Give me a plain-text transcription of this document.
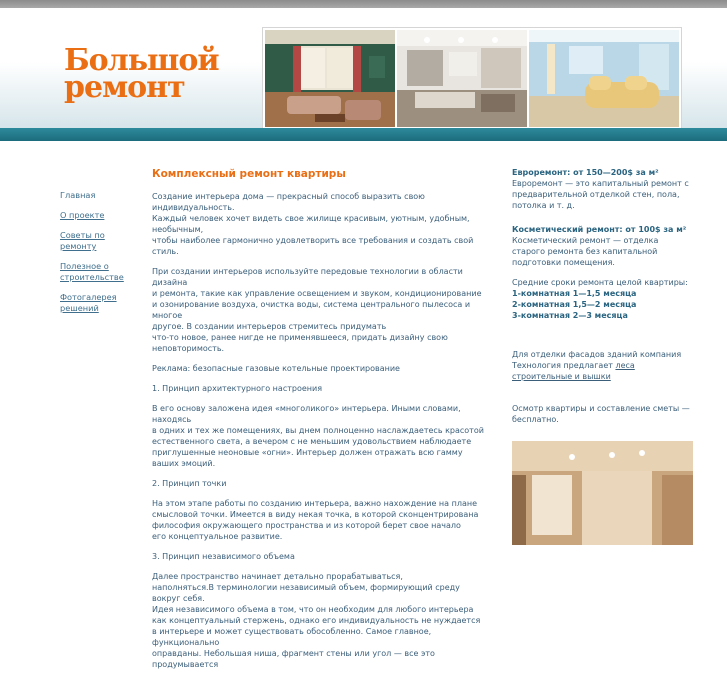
Большой
ремонт
Главная
О проекте
Советы по ремонту
Полезное о строительстве
Фотогалерея решений
Комплексный ремонт квартиры

Создание интерьера дома — прекрасный способ выразить свою индивидуальность.
Каждый человек хочет видеть свое жилище красивым, уютным, удобным, необычным,
чтобы наиболее гармонично удовлетворить все требования и создать свой стиль.

При создании интерьеров используйте передовые технологии в области дизайна
и ремонта, такие как управление освещением и звуком, кондиционирование
и озонирование воздуха, очистка воды, система центрального пылесоса и многое
другое. В создании интерьеров стремитесь придумать
что-то новое, ранее нигде не применявшееся, придать дизайну свою неповторимость.

Реклама: безопасные газовые котельные проектирование

1. Принцип архитектурного настроения

В его основу заложена идея «многоликого» интерьера. Иными словами, находясь
в одних и тех же помещениях, вы днем полноценно наслаждаетесь красотой
естественного света, а вечером с не меньшим удовольствием наблюдаете
приглушенные неоновые «огни». Интерьер должен отражать всю гамму ваших эмоций.

2. Принцип точки

На этом этапе работы по созданию интерьера, важно нахождение на плане
смысловой точки. Имеется в виду некая точка, в которой сконцентрирована
философия окружающего пространства и из которой берет свое начало
его концептуальное развитие.

3. Принцип независимого объема

Далее пространство начинает детально прорабатываться,
наполняться.В терминологии независимый объем, формирующий среду вокруг себя.
Идея независимого объема в том, что он необходим для любого интерьера
как концептуальный стержень, однако его индивидуальность не нуждается
в интерьере и может существовать обособленно. Самое главное, функционально
оправданы. Небольшая ниша, фрагмент стены или угол — все это продумывается

Евроремонт: от 150—200$ за м²

Евроремонт — это капитальный ремонт с предварительной отделкой стен, пола, потолка и т. д.

Косметический ремонт: от 100$ за м²

Косметический ремонт — отделка старого ремонта без капитальной подготовки помещения.

Средние сроки ремонта целой квартиры:
1-комнатная 1—1,5 месяца
2-комнатная 1,5—2 месяца
3-комнатная 2—3 месяца

Для отделки фасадов зданий компания Технология предлагает леса строительные и вышки

Осмотр квартиры и составление сметы — бесплатно.
